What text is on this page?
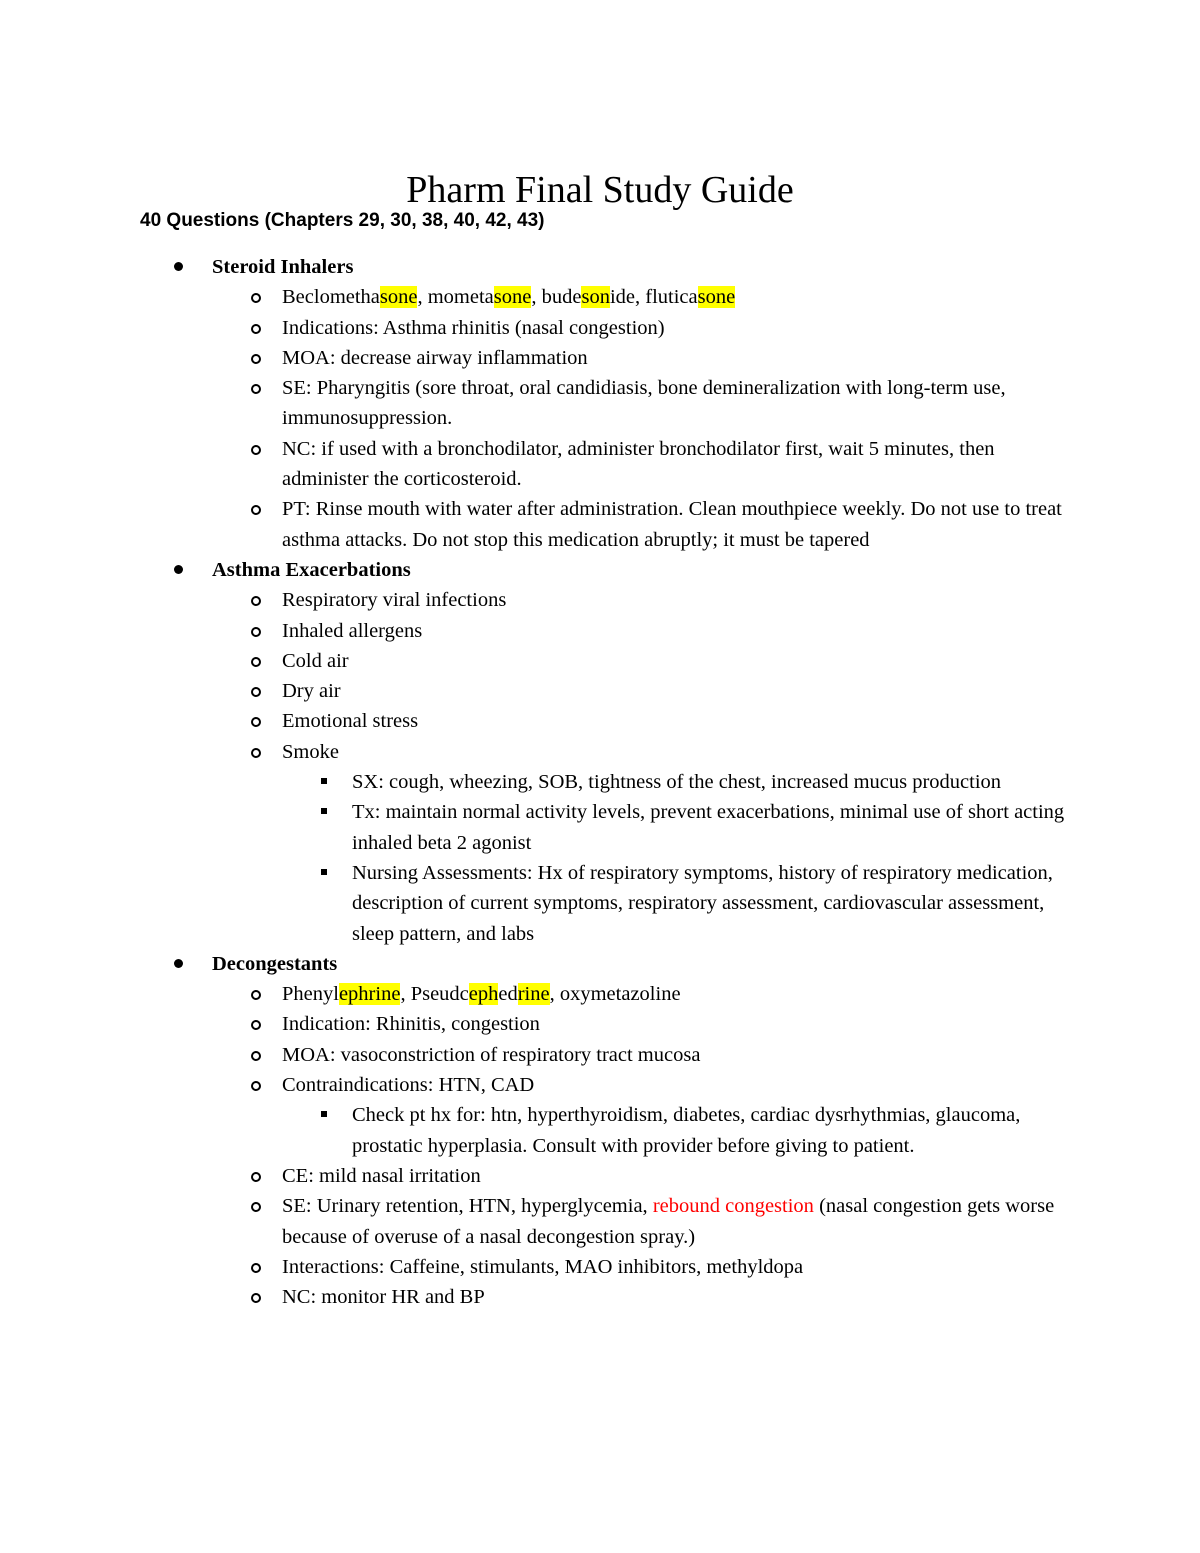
Pharm Final Study Guide
40 Questions (Chapters 29, 30, 38, 40, 42, 43)
Steroid Inhalers
Beclomethasone, mometasone, budesonide, fluticasone
Indications: Asthma rhinitis (nasal congestion)
MOA: decrease airway inflammation
SE: Pharyngitis (sore throat, oral candidiasis, bone demineralization with long-term use, immunosuppression.
NC: if used with a bronchodilator, administer bronchodilator first, wait 5 minutes, then administer the corticosteroid.
PT: Rinse mouth with water after administration. Clean mouthpiece weekly. Do not use to treat asthma attacks. Do not stop this medication abruptly; it must be tapered
Asthma Exacerbations
Respiratory viral infections
Inhaled allergens
Cold air
Dry air
Emotional stress
Smoke
SX: cough, wheezing, SOB, tightness of the chest, increased mucus production
Tx: maintain normal activity levels, prevent exacerbations, minimal use of short acting inhaled beta 2 agonist
Nursing Assessments: Hx of respiratory symptoms, history of respiratory medication, description of current symptoms, respiratory assessment, cardiovascular assessment, sleep pattern, and labs
Decongestants
Phenylephrine, Pseudcephedrine, oxymetazoline
Indication: Rhinitis, congestion
MOA: vasoconstriction of respiratory tract mucosa
Contraindications: HTN, CAD
Check pt hx for: htn, hyperthyroidism, diabetes, cardiac dysrhythmias, glaucoma, prostatic hyperplasia. Consult with provider before giving to patient.
CE: mild nasal irritation
SE: Urinary retention, HTN, hyperglycemia, rebound congestion (nasal congestion gets worse because of overuse of a nasal decongestion spray.)
Interactions: Caffeine, stimulants, MAO inhibitors, methyldopa
NC: monitor HR and BP
